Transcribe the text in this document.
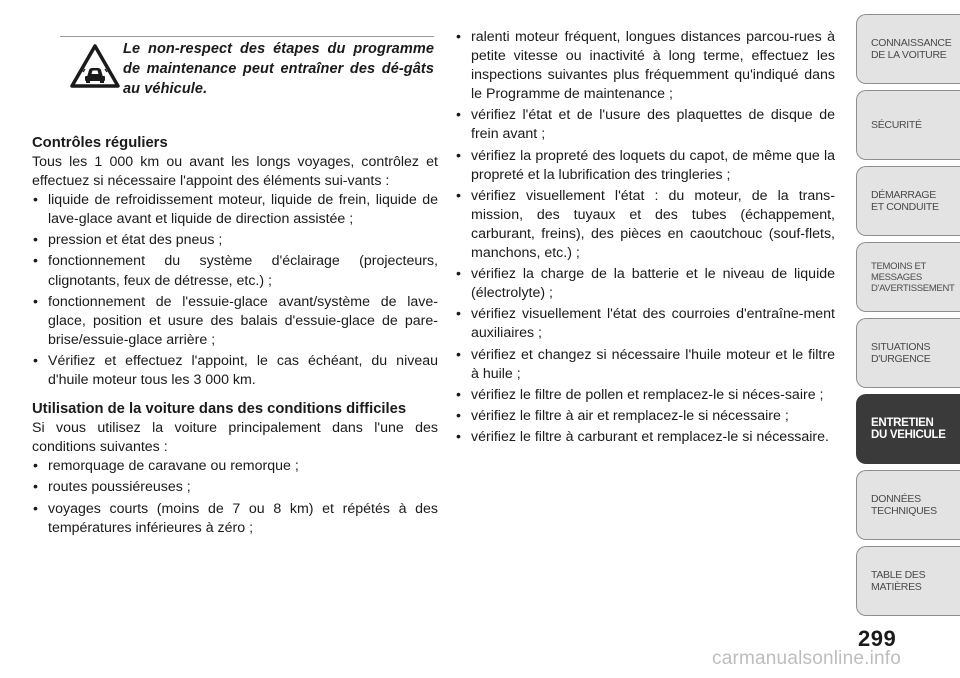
Le non-respect des étapes du programme de maintenance peut entraîner des dé-gâts au véhicule.

Contrôles réguliers

Tous les 1 000 km ou avant les longs voyages, contrôlez et effectuez si nécessaire l'appoint des éléments sui-vants :

• liquide de refroidissement moteur, liquide de frein, liquide de lave-glace avant et liquide de direction assistée ;
• pression et état des pneus ;
• fonctionnement du système d'éclairage (projecteurs, clignotants, feux de détresse, etc.) ;
• fonctionnement de l'essuie-glace avant/système de lave-glace, position et usure des balais d'essuie-glace de pare-brise/essuie-glace arrière ;
• Vérifiez et effectuez l'appoint, le cas échéant, du niveau d'huile moteur tous les 3 000 km.

Utilisation de la voiture dans des conditions difficiles

Si vous utilisez la voiture principalement dans l'une des conditions suivantes :

• remorquage de caravane ou remorque ;
• routes poussiéreuses ;
• voyages courts (moins de 7 ou 8 km) et répétés à des températures inférieures à zéro ;
• ralenti moteur fréquent, longues distances parcou-rues à petite vitesse ou inactivité à long terme, effectuez les inspections suivantes plus fréquemment qu'indiqué dans le Programme de maintenance ;
• vérifiez l'état et de l'usure des plaquettes de disque de frein avant ;
• vérifiez la propreté des loquets du capot, de même que la propreté et la lubrification des tringleries ;
• vérifiez visuellement l'état : du moteur, de la trans-mission, des tuyaux et des tubes (échappement, carburant, freins), des pièces en caoutchouc (souf-flets, manchons, etc.) ;
• vérifiez la charge de la batterie et le niveau de liquide (électrolyte) ;
• vérifiez visuellement l'état des courroies d'entraîne-ment auxiliaires ;
• vérifiez et changez si nécessaire l'huile moteur et le filtre à huile ;
• vérifiez le filtre de pollen et remplacez-le si néces-saire ;
• vérifiez le filtre à air et remplacez-le si nécessaire ;
• vérifiez le filtre à carburant et remplacez-le si nécessaire.
CONNAISSANCE
DE LA VOITURE
SÉCURITÉ
DÉMARRAGE
ET CONDUITE
TEMOINS ET
MESSAGES
D'AVERTISSEMENT
SITUATIONS
D'URGENCE
ENTRETIEN
DU VEHICULE
DONNÉES
TECHNIQUES
TABLE DES
MATIÈRES
299
carmanualsonline.info
